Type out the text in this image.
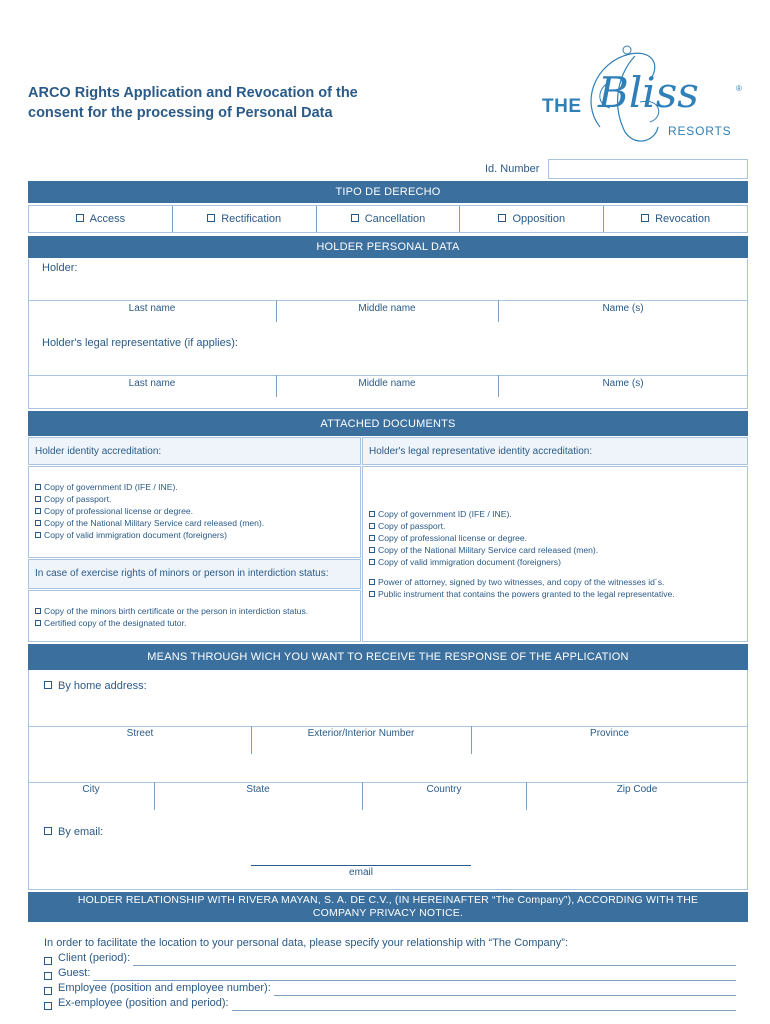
ARCO Rights Application and Revocation of the
consent for the processing of Personal Data	THE Bliss	®
RESORTS
Id. Number
TIPO DE DERECHO
Access	Rectification	Cancellation	Opposition	Revocation
HOLDER PERSONAL DATA
Holder:
Last name	Middle name	Name (s)
Holder's legal representative (if applies):
Last name	Middle name	Name (s)
ATTACHED DOCUMENTS
Holder identity accreditation:	Holder's legal representative identity accreditation:
Copy of government ID (IFE / INE).
Copy of passport.
Copy of professional license or degree.
Copy of the National Military Service card released (men).
Copy of valid immigration document (foreigners)
In case of exercise rights of minors or person in interdiction status:
Copy of the minors birth certificate or the person in interdiction status.
Certified copy of the designated tutor.
Copy of government ID (IFE / INE).
Copy of passport.
Copy of professional license or degree.
Copy of the National Military Service card released (men).
Copy of valid immigration document (foreigners)
Power of attorney, signed by two witnesses, and copy of the witnesses id´s.
Public instrument that contains the powers granted to the legal representative.
MEANS THROUGH WICH YOU WANT TO RECEIVE THE RESPONSE OF THE APPLICATION
By home address:
Street	Exterior/Interior Number	Province
City	State	Country	Zip Code
By email:
email
HOLDER RELATIONSHIP WITH RIVERA MAYAN, S. A. DE C.V., (IN HEREINAFTER “The Company”), ACCORDING WITH THE
COMPANY PRIVACY NOTICE.
In order to facilitate the location to your personal data, please specify your relationship with “The Company”:
Client (period):
Guest:
Employee (position and employee number):
Ex-employee (position and period):
